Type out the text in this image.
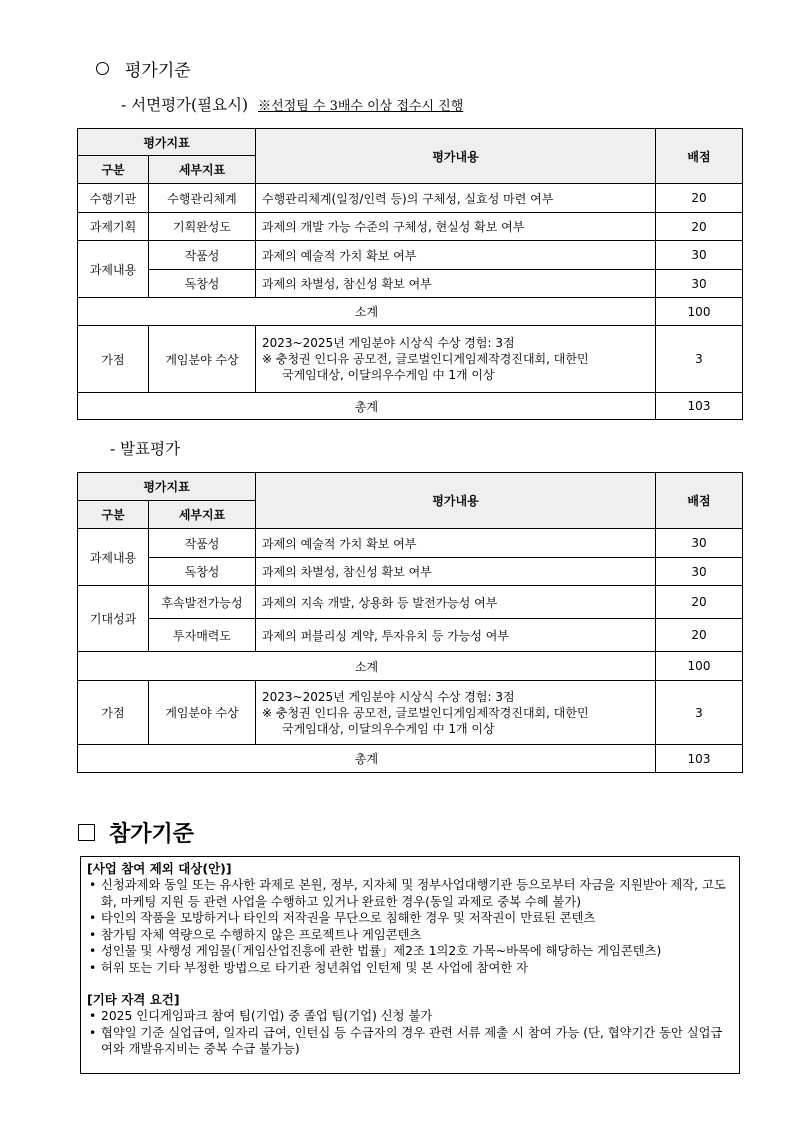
평가기준
- 서면평가(필요시) ※선정팀 수 3배수 이상 접수시 진행
평가지표		평가내용	배점
구분	세부지표		
수행기관	수행관리체계	수행관리체계(일정/인력 등)의 구체성, 실효성 마련 여부	20
과제기획	기획완성도	과제의 개발 가능 수준의 구체성, 현실성 확보 여부	20
과제내용	작품성	과제의 예술적 가치 확보 여부	30
	독창성	과제의 차별성, 참신성 확보 여부	30
소계			100
가점	게임분야 수상	2023~2025년 게임분야 시상식 수상 경험: 3점
※ 충청권 인디유 공모전, 글로벌인디게임제작경진대회, 대한민
국게임대상, 이달의우수게임 中 1개 이상	3
총계			103
- 발표평가
평가지표		평가내용	배점
구분	세부지표		
과제내용	작품성	과제의 예술적 가치 확보 여부	30
	독창성	과제의 차별성, 참신성 확보 여부	30
기대성과	후속발전가능성	과제의 지속 개발, 상용화 등 발전가능성 여부	20
	투자매력도	과제의 퍼블리싱 계약, 투자유치 등 가능성 여부	20
소계			100
가점	게임분야 수상	2023~2025년 게임분야 시상식 수상 경험: 3점
※ 충청권 인디유 공모전, 글로벌인디게임제작경진대회, 대한민
국게임대상, 이달의우수게임 中 1개 이상	3
총계			103
참가기준
[사업 참여 제외 대상(안)]
• 신청과제와 동일 또는 유사한 과제로 본원, 정부, 지자체 및 정부사업대행기관 등으로부터 자금을 지원받아 제작, 고도화, 마케팅 지원 등 관련 사업을 수행하고 있거나 완료한 경우(동일 과제로 중복 수혜 불가)
• 타인의 작품을 모방하거나 타인의 저작권을 무단으로 침해한 경우 및 저작권이 만료된 콘텐츠
• 참가팀 자체 역량으로 수행하지 않은 프로젝트나 게임콘텐츠
• 성인물 및 사행성 게임물(「게임산업진흥에 관한 법률」제2조 1의2호 가목~바목에 해당하는 게임콘텐츠)
• 허위 또는 기타 부정한 방법으로 타기관 청년취업 인턴제 및 본 사업에 참여한 자
[기타 자격 요건]
• 2025 인디게임파크 참여 팀(기업) 중 졸업 팀(기업) 신청 불가
• 협약일 기준 실업급여, 일자리 급여, 인턴십 등 수급자의 경우 관련 서류 제출 시 참여 가능 (단, 협약기간 동안 실업급여와 개발유지비는 중복 수급 불가능)
